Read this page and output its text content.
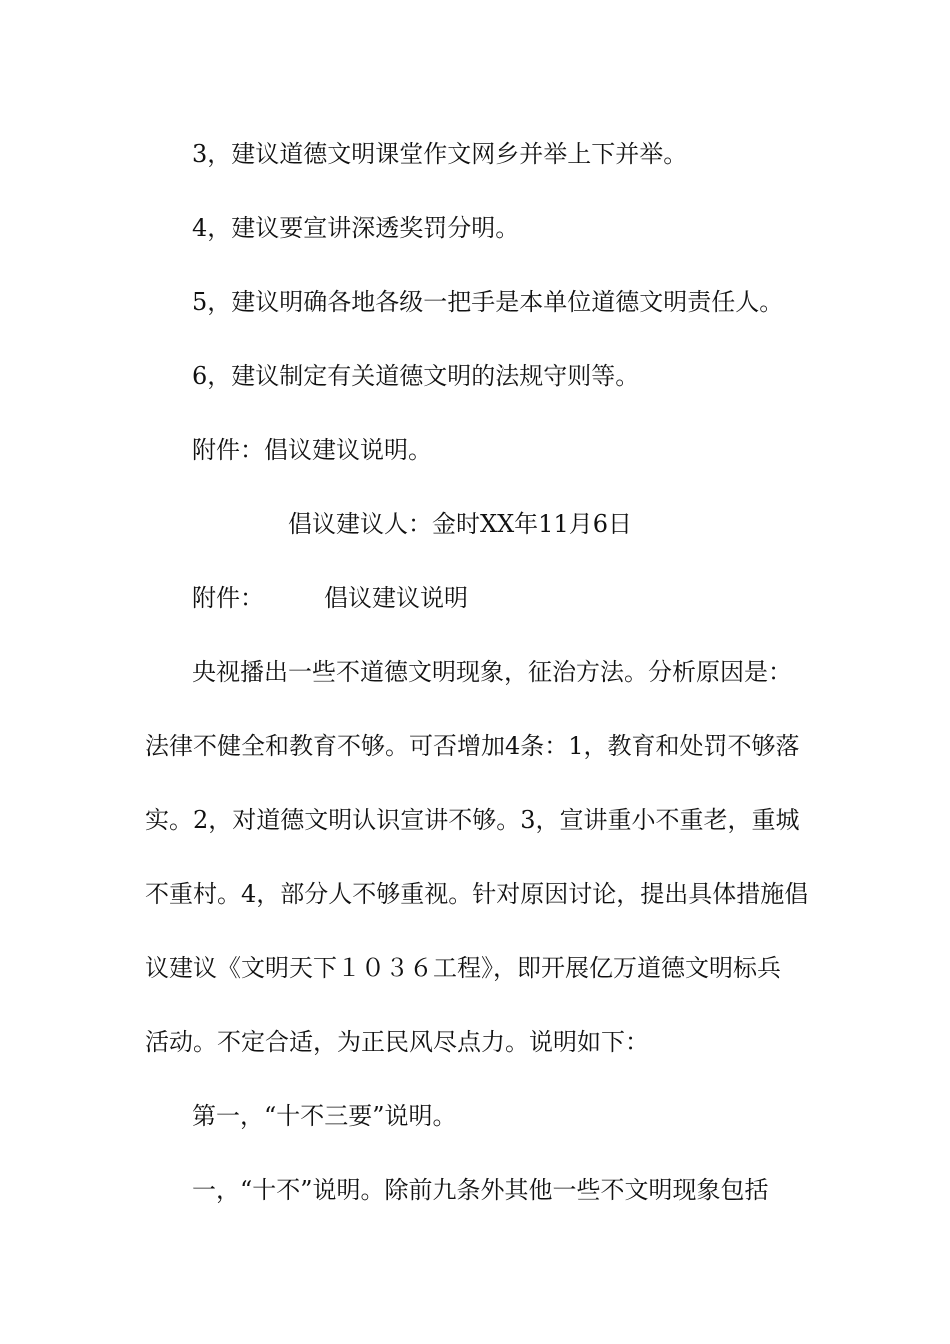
3，建议道德文明课堂作文网乡并举上下并举。

4，建议要宣讲深透奖罚分明。

5，建议明确各地各级一把手是本单位道德文明责任人。

6，建议制定有关道德文明的法规守则等。

附件：倡议建议说明。

倡议建议人：金时XX年11月6日

附件：　　　倡议建议说明

央视播出一些不道德文明现象，征治方法。分析原因是：

法律不健全和教育不够。可否增加4条：1，教育和处罚不够落

实。2，对道德文明认识宣讲不够。3，宣讲重小不重老，重城

不重村。4，部分人不够重视。针对原因讨论，提出具体措施倡

议建议《文明天下１０３６工程》，即开展亿万道德文明标兵

活动。不定合适，为正民风尽点力。说明如下：

第一，“十不三要”说明。

一，“十不”说明。除前九条外其他一些不文明现象包括
